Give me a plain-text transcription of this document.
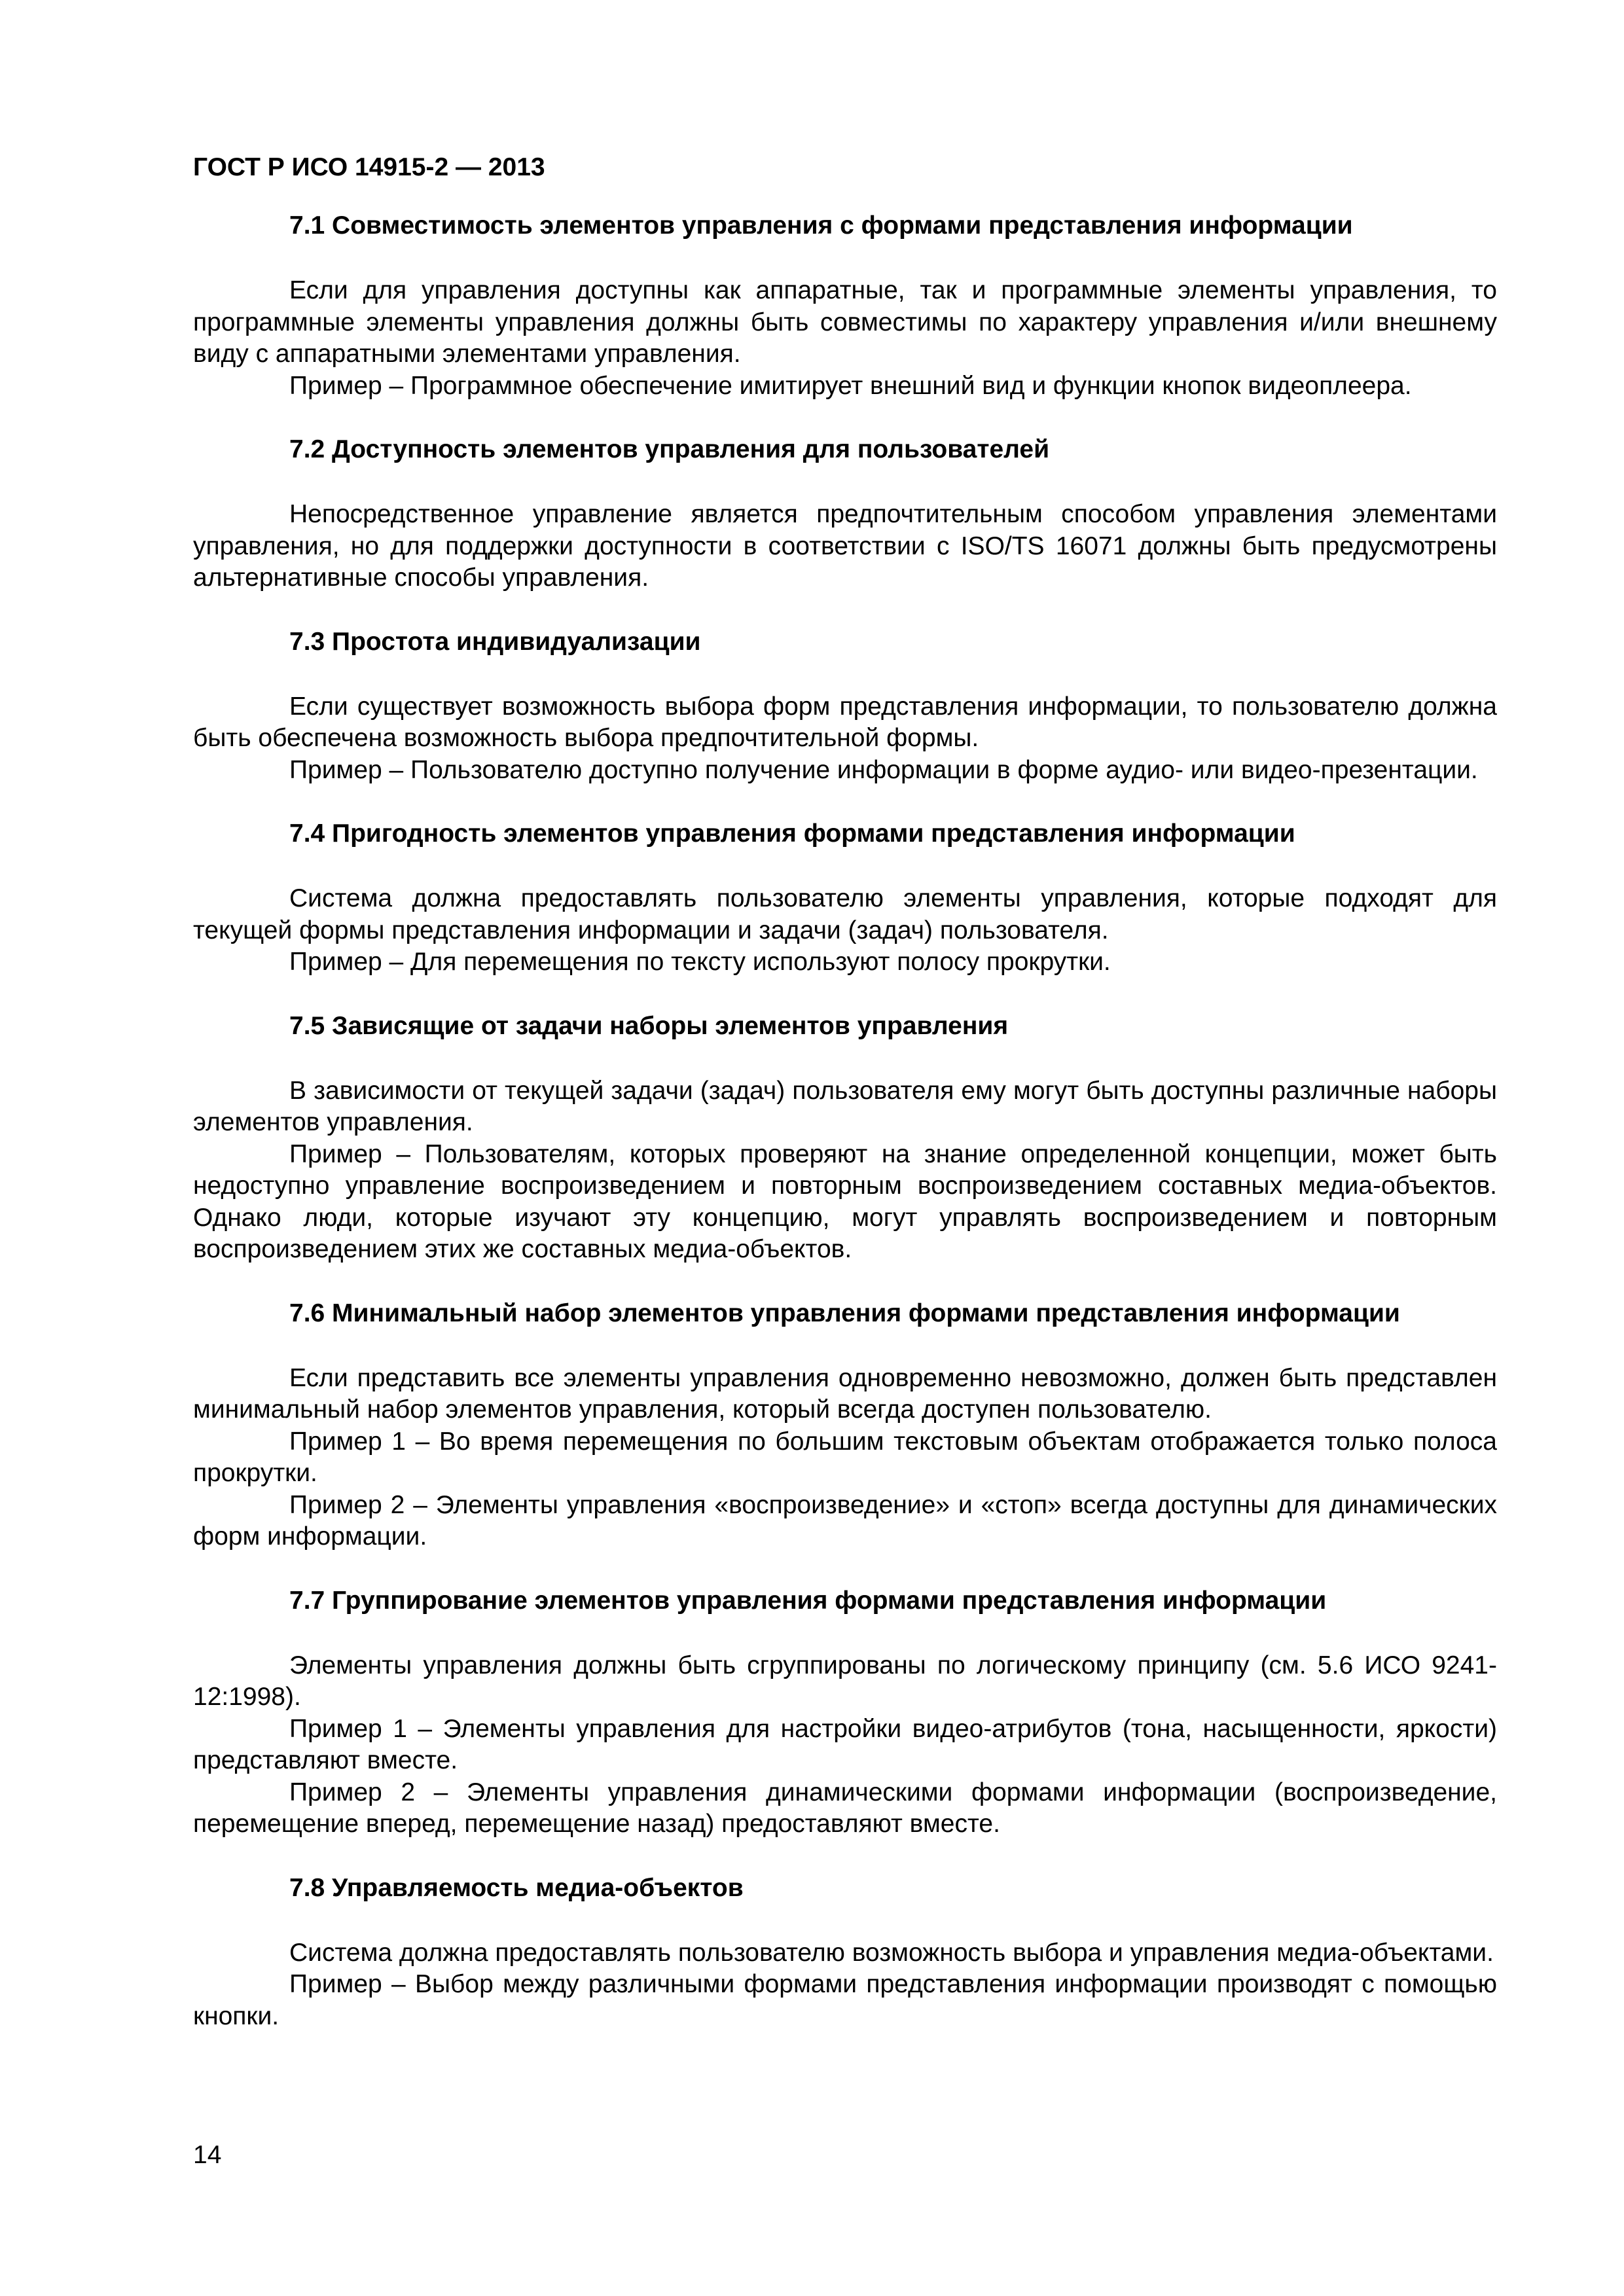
ГОСТ Р ИСО 14915-2 — 2013

7.1 Совместимость элементов управления с формами представления информации

Если для управления доступны как аппаратные, так и программные элементы управления, то программные элементы управления должны быть совместимы по характеру управления и/или внешнему виду с аппаратными элементами управления.

Пример – Программное обеспечение имитирует внешний вид и функции кнопок видеоплеера.

7.2 Доступность элементов управления для пользователей

Непосредственное управление является предпочтительным способом управления элементами управления, но для поддержки доступности в соответствии с ISO/TS 16071 должны быть предусмотрены альтернативные способы управления.

7.3 Простота индивидуализации

Если существует возможность выбора форм представления информации, то пользователю должна быть обеспечена возможность выбора предпочтительной формы.

Пример – Пользователю доступно получение информации в форме аудио- или видео-презентации.

7.4 Пригодность элементов управления формами представления информации

Система должна предоставлять пользователю элементы управления, которые подходят для текущей формы представления информации и задачи (задач) пользователя.

Пример – Для перемещения по тексту используют полосу прокрутки.

7.5 Зависящие от задачи наборы элементов управления

В зависимости от текущей задачи (задач) пользователя ему могут быть доступны различные наборы элементов управления.

Пример – Пользователям, которых проверяют на знание определенной концепции, может быть недоступно управление воспроизведением и повторным воспроизведением составных медиа-объектов. Однако люди, которые изучают эту концепцию, могут управлять воспроизведением и повторным воспроизведением этих же составных медиа-объектов.

7.6 Минимальный набор элементов управления формами представления информации

Если представить все элементы управления одновременно невозможно, должен быть представлен минимальный набор элементов управления, который всегда доступен пользователю.

Пример 1 – Во время перемещения по большим текстовым объектам отображается только полоса прокрутки.

Пример 2 – Элементы управления «воспроизведение» и «стоп» всегда доступны для динамических форм информации.

7.7 Группирование элементов управления формами представления информации

Элементы управления должны быть сгруппированы по логическому принципу (см. 5.6 ИСО 9241-12:1998).

Пример 1 – Элементы управления для настройки видео-атрибутов (тона, насыщенности, яркости) представляют вместе.

Пример 2 – Элементы управления динамическими формами информации (воспроизведение, перемещение вперед, перемещение назад) предоставляют вместе.

7.8 Управляемость медиа-объектов

Система должна предоставлять пользователю возможность выбора и управления медиа-объектами.

Пример – Выбор между различными формами представления информации производят с помощью кнопки.

14
